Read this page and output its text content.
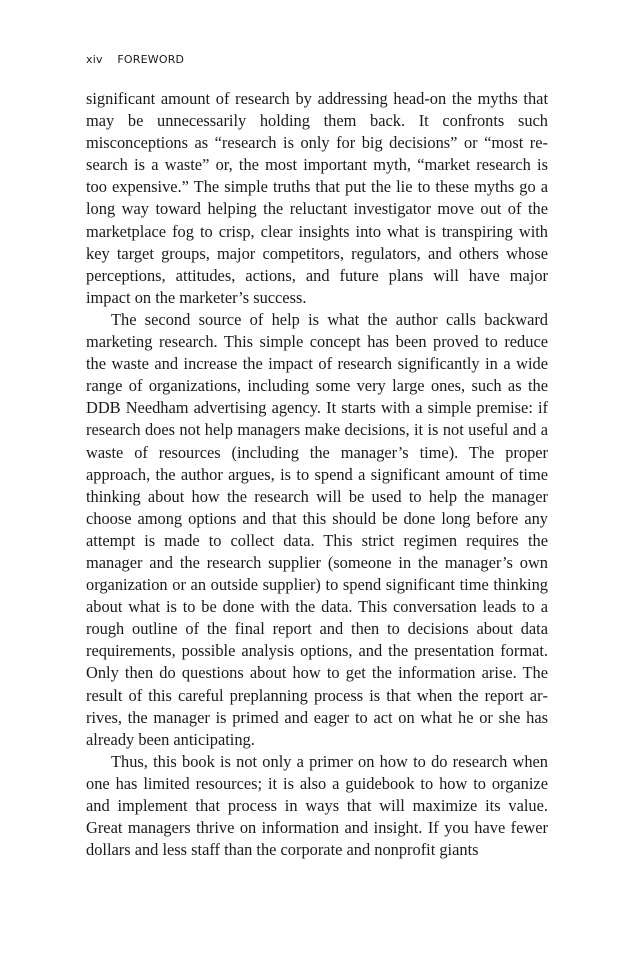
xiv FOREWORD

significant amount of research by addressing head-on the myths that may be unnecessarily holding them back. It confronts such misconceptions as “research is only for big decisions” or “most research is a waste” or, the most important myth, “market research is too expensive.” The simple truths that put the lie to these myths go a long way toward helping the reluctant investigator move out of the marketplace fog to crisp, clear insights into what is transpiring with key target groups, major competitors, regulators, and others whose perceptions, attitudes, actions, and future plans will have major impact on the marketer’s success.

The second source of help is what the author calls backward marketing research. This simple concept has been proved to reduce the waste and increase the impact of research significantly in a wide range of organizations, including some very large ones, such as the DDB Needham advertising agency. It starts with a simple premise: if research does not help managers make decisions, it is not useful and a waste of resources (including the manager’s time). The proper approach, the author argues, is to spend a significant amount of time thinking about how the research will be used to help the manager choose among options and that this should be done long before any attempt is made to collect data. This strict regimen requires the manager and the research supplier (someone in the manager’s own organization or an outside supplier) to spend significant time thinking about what is to be done with the data. This conversation leads to a rough outline of the final report and then to decisions about data requirements, possible analysis options, and the presentation format. Only then do questions about how to get the information arise. The result of this careful preplanning process is that when the report arrives, the manager is primed and eager to act on what he or she has already been anticipating.

Thus, this book is not only a primer on how to do research when one has limited resources; it is also a guidebook to how to organize and implement that process in ways that will maximize its value. Great managers thrive on information and insight. If you have fewer dollars and less staff than the corporate and nonprofit giants
